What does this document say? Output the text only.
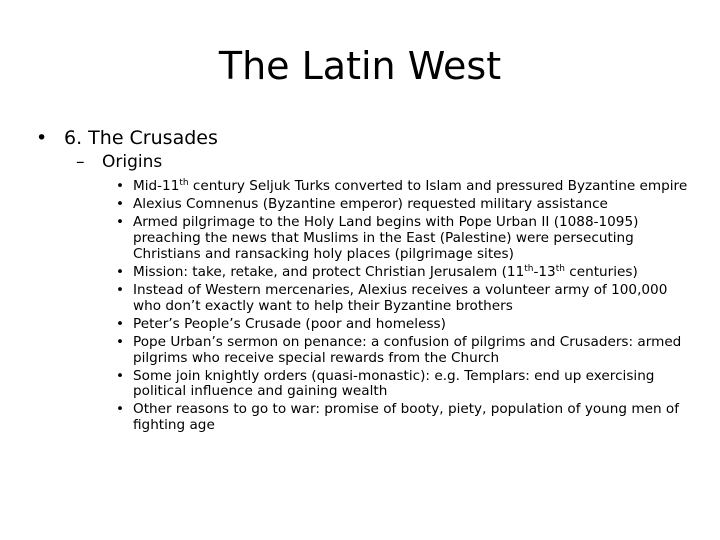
The Latin West
• 6. The Crusades
– Origins
• Mid-11th century Seljuk Turks converted to Islam and pressured Byzantine empire
• Alexius Comnenus (Byzantine emperor) requested military assistance
• Armed pilgrimage to the Holy Land begins with Pope Urban II (1088-1095) preaching the news that Muslims in the East (Palestine) were persecuting Christians and ransacking holy places (pilgrimage sites)
• Mission: take, retake, and protect Christian Jerusalem (11th-13th centuries)
• Instead of Western mercenaries, Alexius receives a volunteer army of 100,000 who don’t exactly want to help their Byzantine brothers
• Peter’s People’s Crusade (poor and homeless)
• Pope Urban’s sermon on penance: a confusion of pilgrims and Crusaders: armed pilgrims who receive special rewards from the Church
• Some join knightly orders (quasi-monastic): e.g. Templars: end up exercising political influence and gaining wealth
• Other reasons to go to war: promise of booty, piety, population of young men of fighting age
